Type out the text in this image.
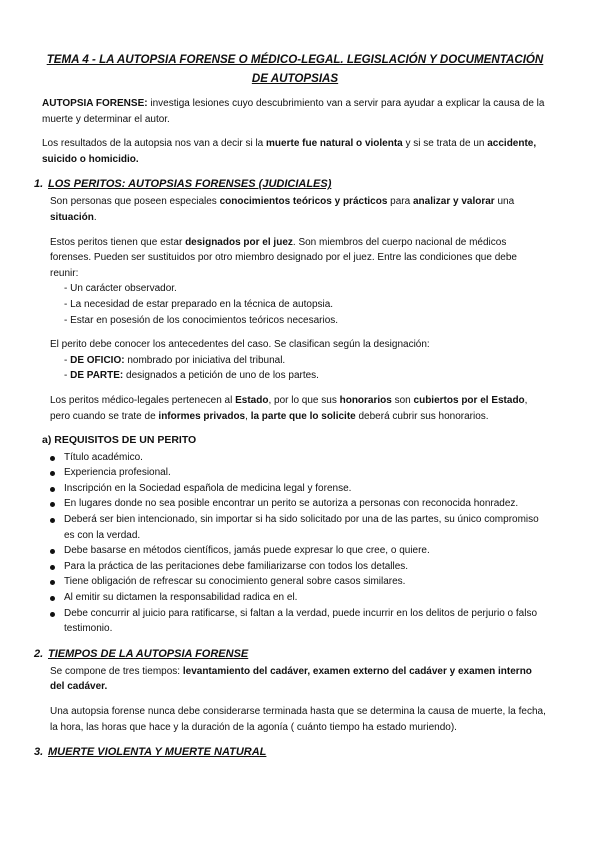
TEMA 4 - LA AUTOPSIA FORENSE O MÉDICO-LEGAL. LEGISLACIÓN Y DOCUMENTACIÓN DE AUTOPSIAS

AUTOPSIA FORENSE: investiga lesiones cuyo descubrimiento van a servir para ayudar a explicar la causa de la muerte y determinar el autor.

Los resultados de la autopsia nos van a decir si la muerte fue natural o violenta y si se trata de un accidente, suicido o homicidio.

1. LOS PERITOS: AUTOPSIAS FORENSES (JUDICIALES)

Son personas que poseen especiales conocimientos teóricos y prácticos para analizar y valorar una situación.

Estos peritos tienen que estar designados por el juez. Son miembros del cuerpo nacional de médicos forenses. Pueden ser sustituidos por otro miembro designado por el juez. Entre las condiciones que debe reunir:

- Un carácter observador.
- La necesidad de estar preparado en la técnica de autopsia.
- Estar en posesión de los conocimientos teóricos necesarios.

El perito debe conocer los antecedentes del caso. Se clasifican según la designación:

- DE OFICIO: nombrado por iniciativa del tribunal.
- DE PARTE: designados a petición de uno de los partes.

Los peritos médico-legales pertenecen al Estado, por lo que sus honorarios son cubiertos por el Estado, pero cuando se trate de informes privados, la parte que lo solicite deberá cubrir sus honorarios.

a) REQUISITOS DE UN PERITO
Título académico.
Experiencia profesional.
Inscripción en la Sociedad española de medicina legal y forense.
En lugares donde no sea posible encontrar un perito se autoriza a personas con reconocida honradez.
Deberá ser bien intencionado, sin importar si ha sido solicitado por una de las partes, su único compromiso es con la verdad.
Debe basarse en métodos científicos, jamás puede expresar lo que cree, o quiere.
Para la práctica de las peritaciones debe familiarizarse con todos los detalles.
Tiene obligación de refrescar su conocimiento general sobre casos similares.
Al emitir su dictamen la responsabilidad radica en el.
Debe concurrir al juicio para ratificarse, si faltan a la verdad, puede incurrir en los delitos de perjurio o falso testimonio.
2. TIEMPOS DE LA AUTOPSIA FORENSE

Se compone de tres tiempos: levantamiento del cadáver, examen externo del cadáver y examen interno del cadáver.

Una autopsia forense nunca debe considerarse terminada hasta que se determina la causa de muerte, la fecha, la hora, las horas que hace y la duración de la agonía ( cuánto tiempo ha estado muriendo).

3. MUERTE VIOLENTA Y MUERTE NATURAL
